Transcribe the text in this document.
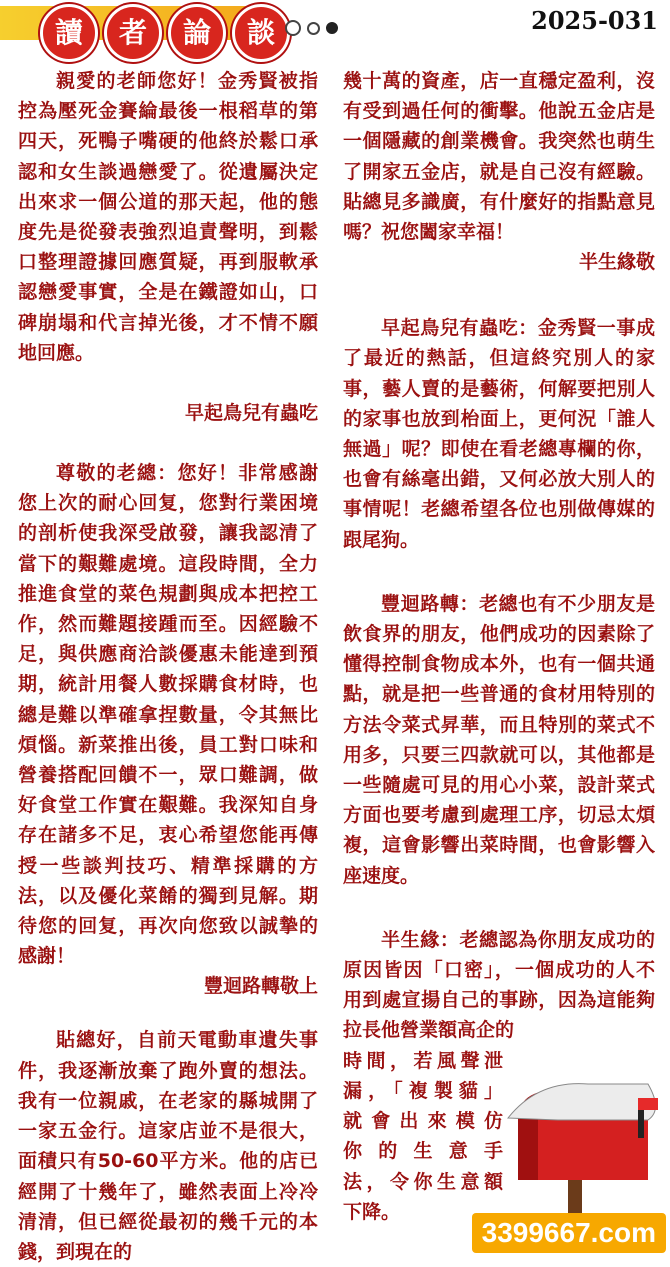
讀	者	論	談	2025-031

親愛的老師您好！金秀賢被指控為壓死金賽綸最後一根稻草的第四天，死鴨子嘴硬的他終於鬆口承認和女生談過戀愛了。從遺屬決定出來求一個公道的那天起，他的態度先是從發表強烈追責聲明，到鬆口整理證據回應質疑，再到服軟承認戀愛事實，全是在鐵證如山，口碑崩塌和代言掉光後，才不情不願地回應。

早起鳥兒有蟲吃

尊敬的老總：您好！非常感謝您上次的耐心回复，您對行業困境的剖析使我深受啟發，讓我認清了當下的艱難處境。這段時間，全力推進食堂的菜色規劃與成本把控工作，然而難題接踵而至。因經驗不足，與供應商洽談優惠未能達到預期，統計用餐人數採購食材時，也總是難以準確拿捏數量，令其無比煩惱。新菜推出後，員工對口味和營養搭配回饋不一，眾口難調，做好食堂工作實在艱難。我深知自身存在諸多不足，衷心希望您能再傳授一些談判技巧、精準採購的方法，以及優化菜餚的獨到見解。期待您的回复，再次向您致以誠摯的感謝！

豐迴路轉敬上

貼總好，自前天電動車遺失事件，我逐漸放棄了跑外賣的想法。我有一位親戚，在老家的縣城開了一家五金行。這家店並不是很大，面積只有50-60平方米。他的店已經開了十幾年了，雖然表面上冷冷清清，但已經從最初的幾千元的本錢，到現在的

幾十萬的資產，店一直穩定盈利，沒有受到過任何的衝擊。他說五金店是一個隱藏的創業機會。我突然也萌生了開家五金店，就是自己沒有經驗。貼總見多識廣，有什麼好的指點意見嗎？祝您闔家幸福！

半生緣敬

早起鳥兒有蟲吃：金秀賢一事成了最近的熱話，但這終究別人的家事，藝人賣的是藝術，何解要把別人的家事也放到枱面上，更何況「誰人無過」呢？即使在看老總專欄的你，也會有絲毫出錯，又何必放大別人的事情呢！老總希望各位也別做傳媒的跟尾狗。

豐迴路轉：老總也有不少朋友是飲食界的朋友，他們成功的因素除了懂得控制食物成本外，也有一個共通點，就是把一些普通的食材用特別的方法令菜式昇華，而且特別的菜式不用多，只要三四款就可以，其他都是一些隨處可見的用心小菜，設計菜式方面也要考慮到處理工序，切忌太煩複，這會影響出菜時間，也會影響入座速度。

半生緣：老總認為你朋友成功的原因皆因「口密」，一個成功的人不用到處宣揚自己的事跡，因為這能夠拉長他營業額高企的

時間，若風聲泄

漏，「複製貓」

就會出來模仿

你的生意手

法，令你生意額

下降。

3399667.com
